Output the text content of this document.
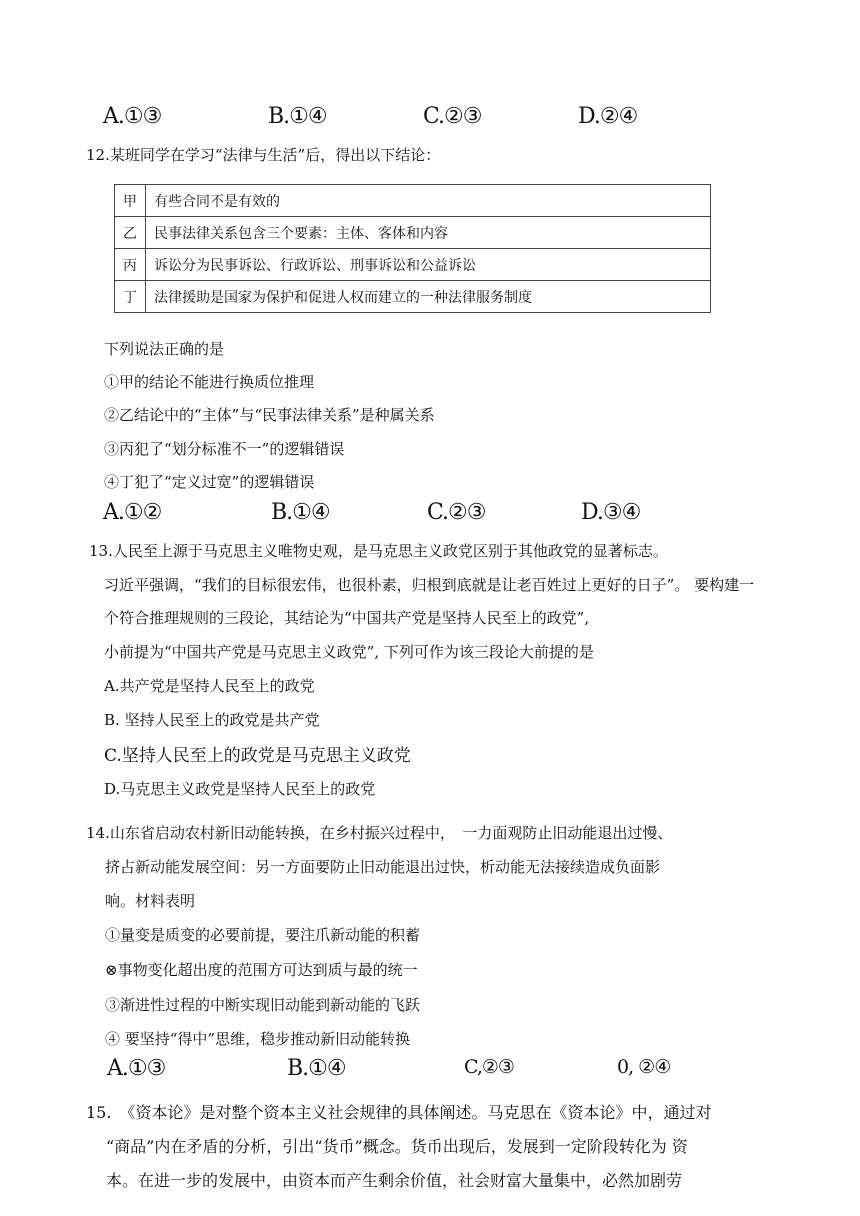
A.①③	B.①④	C.②③	D.②④
12.某班同学在学习“法律与生活”后，得出以下结论：
甲	有些合同不是有效的
乙	民事法律关系包含三个要素：主体、客体和内容
丙	诉讼分为民事诉讼、行政诉讼、刑事诉讼和公益诉讼
丁	法律援助是国家为保护和促进人权而建立的一种法律服务制度
下列说法正确的是
①甲的结论不能进行换质位推理
②乙结论中的“主体”与“民事法律关系”是种属关系
③丙犯了“划分标准不一”的逻辑错误
④丁犯了“定义过宽”的逻辑错误
A.①②	B.①④	C.②③	D.③④
13.人民至上源于马克思主义唯物史观，是马克思主义政党区别于其他政党的显著标志。
习近平强调，“我们的目标很宏伟，也很朴素，归根到底就是让老百姓过上更好的日子”。 要构建一
个符合推理规则的三段论，其结论为“中国共产党是坚持人民至上的政党”,
小前提为“中国共产党是马克思主义政党”, 下列可作为该三段论大前提的是
A.共产党是坚持人民至上的政党
B. 坚持人民至上的政党是共产党
C.坚持人民至上的政党是马克思主义政党
D.马克思主义政党是坚持人民至上的政党
14.山东省启动农村新旧动能转换，在乡村振兴过程中，　一力面观防止旧动能退出过慢、
挤占新动能发展空间：另一方面要防止旧动能退出过快，析动能无法接续造成负面影
响。材料表明
①量变是质变的必要前提，要注爪新动能的积蓄
⊗事物变化超出度的范围方可达到质与最的统一
③渐进性过程的中断实现旧动能到新动能的飞跃
④ 要坚持“得中”思维，稳步推动新旧动能转换
A.①③	B.①④	C,②③	0, ②④
15.　《资本论》是对整个资本主义社会规律的具体阐述。马克思在《资本论》中，通过对
“商品”内在矛盾的分析，引出“货币”概念。货币出现后，发展到一定阶段转化为 资
本。在进一步的发展中，由资本而产生剩余价值，社会财富大量集中，必然加剧劳
